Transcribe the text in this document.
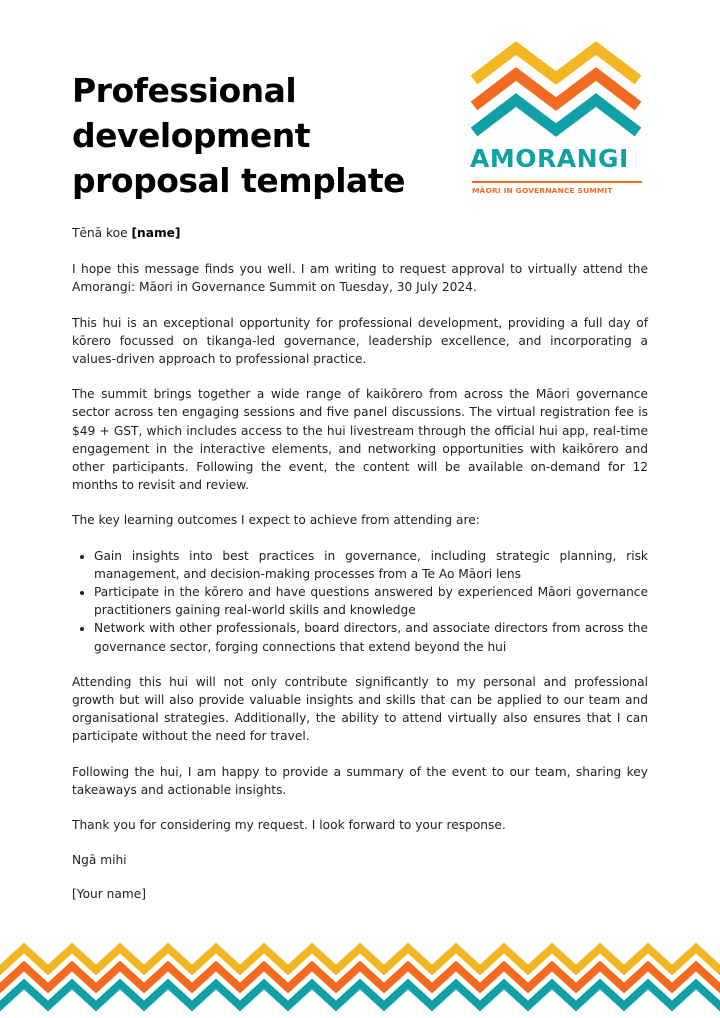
Professional
development
proposal template
AMORANGI
MĀORI IN GOVERNANCE SUMMIT

Tēnā koe [name]

I hope this message finds you well. I am writing to request approval to virtually attend the Amorangi: Māori in Governance Summit on Tuesday, 30 July 2024.

This hui is an exceptional opportunity for professional development, providing a full day of kōrero focussed on tikanga-led governance, leadership excellence, and incorporating a values-driven approach to professional practice.

The summit brings together a wide range of kaikōrero from across the Māori governance sector across ten engaging sessions and five panel discussions. The virtual registration fee is $49 + GST, which includes access to the hui livestream through the official hui app, real-time engagement in the interactive elements, and networking opportunities with kaikōrero and other participants. Following the event, the content will be available on-demand for 12 months to revisit and review.

The key learning outcomes I expect to achieve from attending are:

• Gain insights into best practices in governance, including strategic planning, risk management, and decision-making processes from a Te Ao Māori lens
• Participate in the kōrero and have questions answered by experienced Māori governance practitioners gaining real-world skills and knowledge
• Network with other professionals, board directors, and associate directors from across the governance sector, forging connections that extend beyond the hui

Attending this hui will not only contribute significantly to my personal and professional growth but will also provide valuable insights and skills that can be applied to our team and organisational strategies. Additionally, the ability to attend virtually also ensures that I can participate without the need for travel.

Following the hui, I am happy to provide a summary of the event to our team, sharing key takeaways and actionable insights.

Thank you for considering my request. I look forward to your response.

Ngā mihi

[Your name]
